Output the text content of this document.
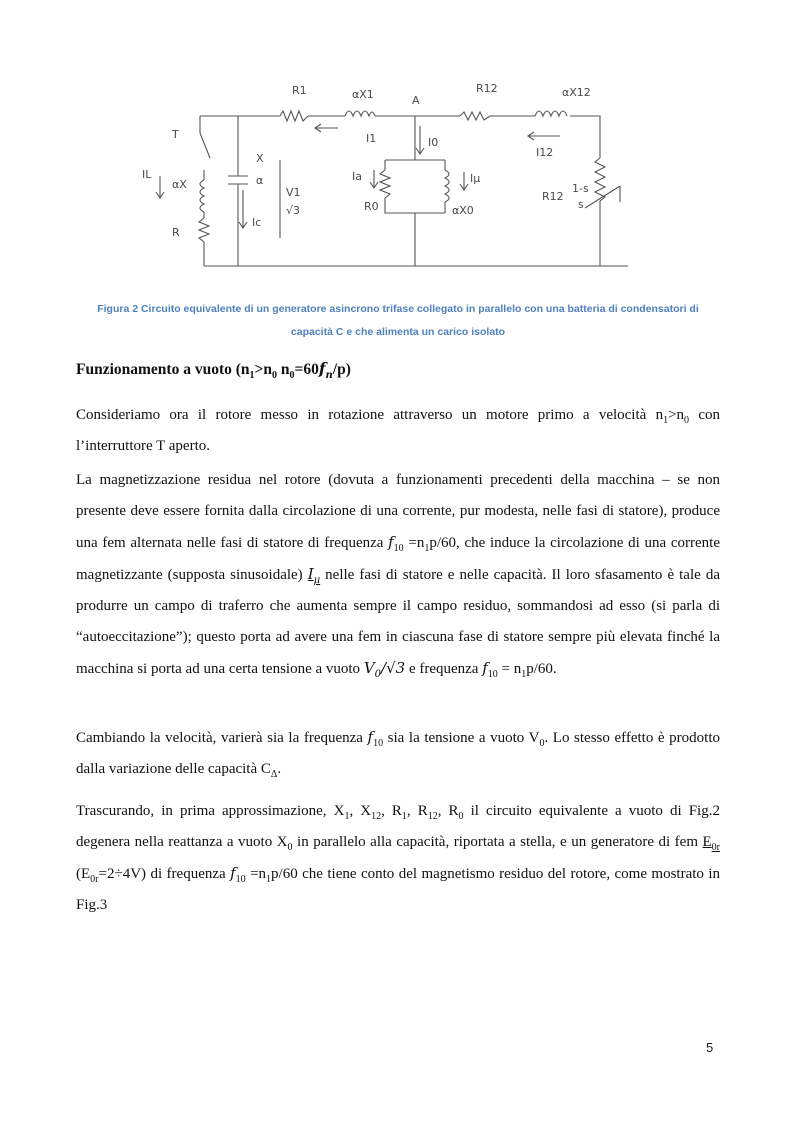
T
IL
αX
R
X
α
Ic
V1
√3
R1	αX1	A
I1	I0
Ia	Iμ
R0	αX0
R12	αX12
I12
R12
1-s
s
Figura 2 Circuito equivalente di un generatore asincrono trifase collegato in parallelo con una batteria di condensatori di
capacità C e che alimenta un carico isolato
Funzionamento a vuoto ($n_1>n_0$ $n_0=60f_n/p$)
Consideriamo ora il rotore messo in rotazione attraverso un motore primo a velocità $n_1>n_0$ con l’interruttore T aperto.
La magnetizzazione residua nel rotore (dovuta a funzionamenti precedenti della macchina – se non presente deve essere fornita dalla circolazione di una corrente, pur modesta, nelle fasi di statore), produce una fem alternata nelle fasi di statore di frequenza $f_{10} =n_1p/60$, che induce la circolazione di una corrente magnetizzante (supposta sinusoidale) $I_\mu$ nelle fasi di statore e nelle capacità. Il loro sfasamento è tale da produrre un campo di traferro che aumenta sempre il campo residuo, sommandosi ad esso (si parla di “autoeccitazione”); questo porta ad avere una fem in ciascuna fase di statore sempre più elevata finché la macchina si porta ad una certa tensione a vuoto $V_0/√3$ e frequenza $f_{10} = n_1p/60$.
Cambiando la velocità, varierà sia la frequenza $f_{10}$ sia la tensione a vuoto $V_0$. Lo stesso effetto è prodotto dalla variazione delle capacità $C_\Delta$.
Trascurando, in prima approssimazione, $X_1$, $X_{12}$, $R_1$, $R_{12}$, $R_0$ il circuito equivalente a vuoto di Fig.2 degenera nella reattanza a vuoto $X_0$ in parallelo alla capacità, riportata a stella, e un generatore di fem $E_{0r}$ $(E_{0r}=2\div 4V)$ di frequenza $f_{10} =n_1p/60$ che tiene conto del magnetismo residuo del rotore, come mostrato in Fig.3
5
